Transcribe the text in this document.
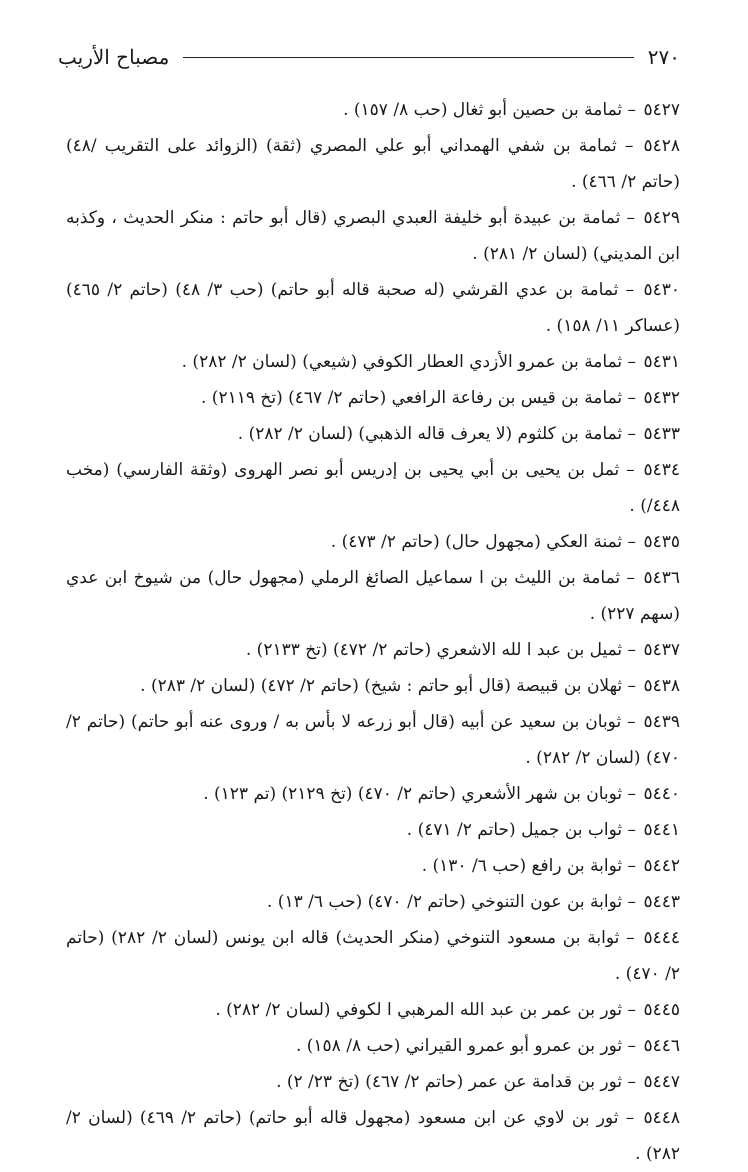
٢٧٠
مصباح الأريب

٥٤٢٧ – ثمامة بن حصين أبو ثغال (حب ٨/ ١٥٧) .

٥٤٢٨ – ثمامة بن شفي الهمداني أبو علي المصري (ثقة) (الزوائد على التقريب /٤٨) (حاتم ٢/ ٤٦٦) .

٥٤٢٩ – ثمامة بن عبيدة أبو خليفة العبدي البصري (قال أبو حاتم : منكر الحديث ، وكذبه ابن المديني) (لسان ٢/ ٢٨١) .

٥٤٣٠ – ثمامة بن عدي القرشي (له صحبة قاله أبو حاتم) (حب ٣/ ٤٨) (حاتم ٢/ ٤٦٥) (عساكر ١١/ ١٥٨) .

٥٤٣١ – ثمامة بن عمرو الأزدي العطار الكوفي (شيعي) (لسان ٢/ ٢٨٢) .

٥٤٣٢ – ثمامة بن قيس بن رفاعة الرافعي (حاتم ٢/ ٤٦٧) (تخ ٢١١٩) .

٥٤٣٣ – ثمامة بن كلثوم (لا يعرف قاله الذهبي) (لسان ٢/ ٢٨٢) .

٥٤٣٤ – ثمل بن يحيى بن أبي يحيى بن إدريس أبو نصر الهروى (وثقة الفارسي) (مخب ٤٤٨/) .

٥٤٣٥ – ثمنة العكي (مجهول حال) (حاتم ٢/ ٤٧٣) .

٥٤٣٦ – ثمامة بن الليث بن ا سماعيل الصائغ الرملي (مجهول حال) من شيوخ ابن عدي (سهم ٢٢٧) .

٥٤٣٧ – ثميل بن عبد ا لله الاشعري (حاتم ٢/ ٤٧٢) (تخ ٢١٣٣) .

٥٤٣٨ – ثهلان بن قبيصة (قال أبو حاتم : شيخ) (حاتم ٢/ ٤٧٢) (لسان ٢/ ٢٨٣) .

٥٤٣٩ – ثوبان بن سعيد عن أبيه (قال أبو زرعه لا بأس به / وروى عنه أبو حاتم) (حاتم ٢/ ٤٧٠) (لسان ٢/ ٢٨٢) .

٥٤٤٠ – ثوبان بن شهر الأشعري (حاتم ٢/ ٤٧٠) (تخ ٢١٢٩) (تم ١٢٣) .

٥٤٤١ – ثواب بن جميل (حاتم ٢/ ٤٧١) .

٥٤٤٢ – ثوابة بن رافع (حب ٦/ ١٣٠) .

٥٤٤٣ – ثوابة بن عون التنوخي (حاتم ٢/ ٤٧٠) (حب ٦/ ١٣) .

٥٤٤٤ – ثوابة بن مسعود التنوخي (منكر الحديث) قاله ابن يونس (لسان ٢/ ٢٨٢) (حاتم ٢/ ٤٧٠) .

٥٤٤٥ – ثور بن عمر بن عبد الله المرهبي ا لكوفي (لسان ٢/ ٢٨٢) .

٥٤٤٦ – ثور بن عمرو أبو عمرو القيراني (حب ٨/ ١٥٨) .

٥٤٤٧ – ثور بن قدامة عن عمر (حاتم ٢/ ٤٦٧) (تخ ٢٣/ ٢) .

٥٤٤٨ – ثور بن لاوي عن ابن مسعود (مجهول قاله أبو حاتم) (حاتم ٢/ ٤٦٩) (لسان ٢/ ٢٨٢) .
